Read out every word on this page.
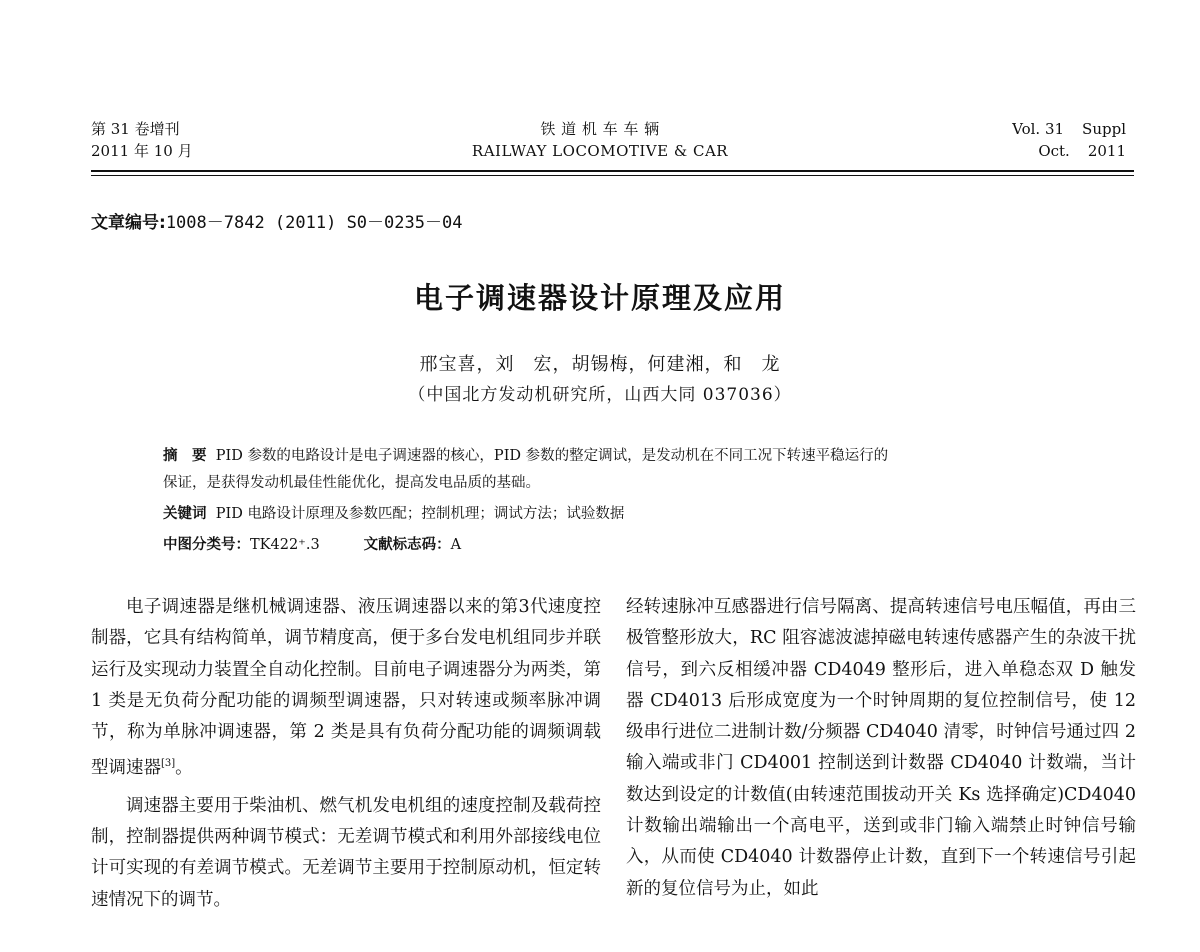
第 31 卷增刊
2011 年 10 月
铁 道 机 车 车 辆
RAILWAY LOCOMOTIVE & CAR
Vol. 31 Suppl
Oct. 2011
文章编号:1008－7842 (2011) S0－0235－04
电子调速器设计原理及应用
邢宝喜，刘　宏，胡锡梅，何建湘，和　龙
（中国北方发动机研究所，山西大同 037036）
摘　要 PID 参数的电路设计是电子调速器的核心，PID 参数的整定调试，是发动机在不同工况下转速平稳运行的
保证，是获得发动机最佳性能优化，提高发电品质的基础。
关键词 PID 电路设计原理及参数匹配；控制机理；调试方法；试验数据
中图分类号：TK422⁺.3	文献标志码：A

电子调速器是继机械调速器、液压调速器以来的第3代速度控制器，它具有结构简单，调节精度高，便于多台发电机组同步并联运行及实现动力装置全自动化控制。目前电子调速器分为两类，第 1 类是无负荷分配功能的调频型调速器，只对转速或频率脉冲调节，称为单脉冲调速器，第 2 类是具有负荷分配功能的调频调载型调速器[3]。

调速器主要用于柴油机、燃气机发电机组的速度控制及载荷控制，控制器提供两种调节模式：无差调节模式和利用外部接线电位计可实现的有差调节模式。无差调节主要用于控制原动机，恒定转速情况下的调节。

经转速脉冲互感器进行信号隔离、提高转速信号电压幅值，再由三极管整形放大，RC 阻容滤波滤掉磁电转速传感器产生的杂波干扰信号，到六反相缓冲器 CD4049 整形后，进入单稳态双 D 触发器 CD4013 后形成宽度为一个时钟周期的复位控制信号，使 12 级串行进位二进制计数/分频器 CD4040 清零，时钟信号通过四 2 输入端或非门 CD4001 控制送到计数器 CD4040 计数端，当计数达到设定的计数值(由转速范围拔动开关 Ks 选择确定)CD4040 计数输出端输出一个高电平，送到或非门输入端禁止时钟信号输入，从而使 CD4040 计数器停止计数，直到下一个转速信号引起新的复位信号为止，如此
